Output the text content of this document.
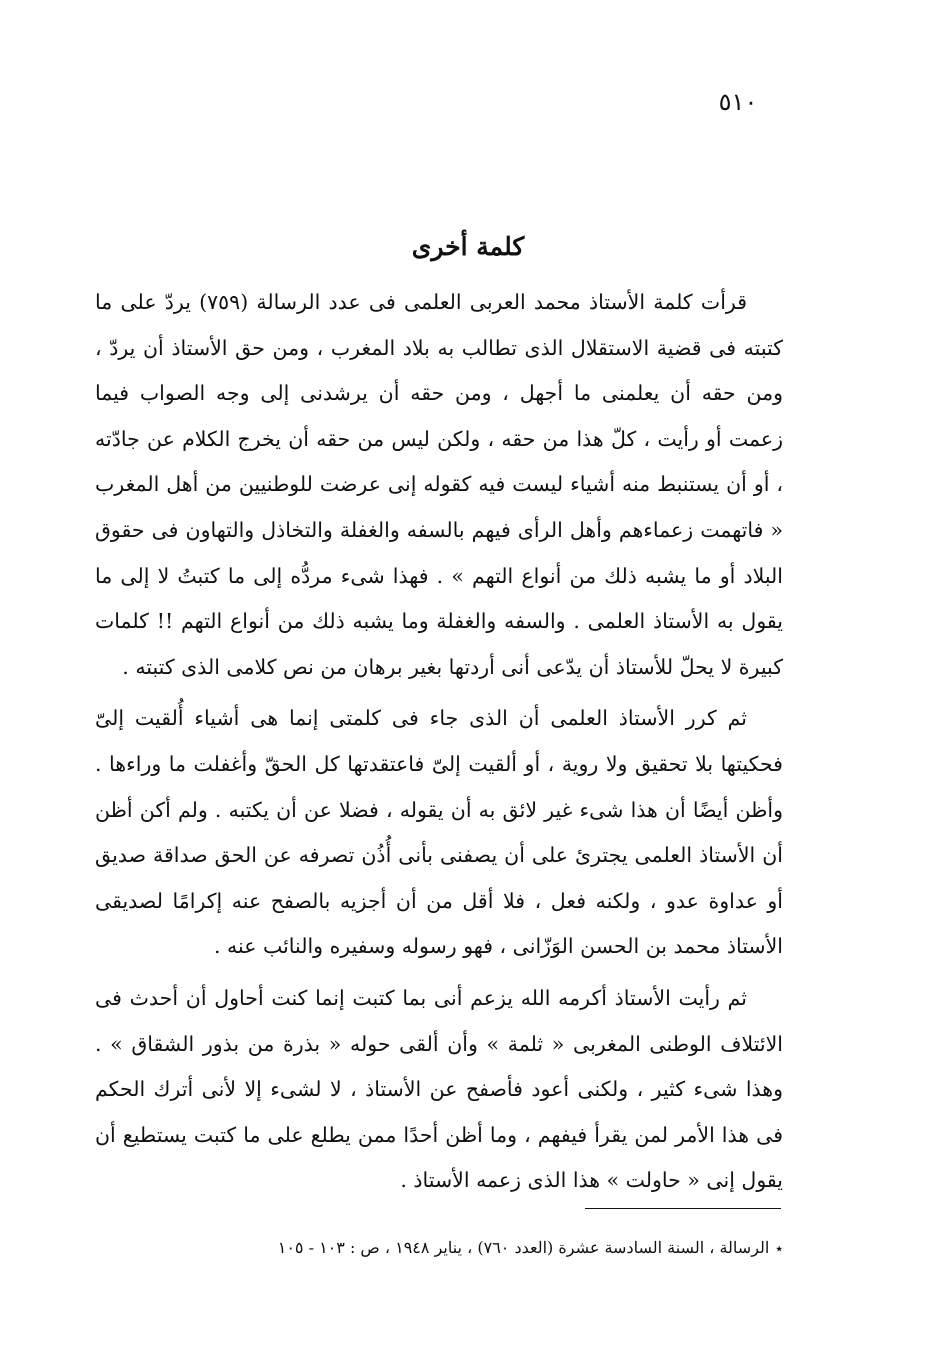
٥١٠
كلمة أخرى

قرأت كلمة الأستاذ محمد العربى العلمى فى عدد الرسالة (٧٥٩) يردّ على ما كتبته فى قضية الاستقلال الذى تطالب به بلاد المغرب ، ومن حق الأستاذ أن يردّ ، ومن حقه أن يعلمنى ما أجهل ، ومن حقه أن يرشدنى إلى وجه الصواب فيما زعمت أو رأيت ، كلّ هذا من حقه ، ولكن ليس من حقه أن يخرج الكلام عن جادّته ، أو أن يستنبط منه أشياء ليست فيه كقوله إنى عرضت للوطنيين من أهل المغرب « فاتهمت زعماءهم وأهل الرأى فيهم بالسفه والغفلة والتخاذل والتهاون فى حقوق البلاد أو ما يشبه ذلك من أنواع التهم » . فهذا شىء مردُّه إلى ما كتبتُ لا إلى ما يقول به الأستاذ العلمى . والسفه والغفلة وما يشبه ذلك من أنواع التهم !! كلمات كبيرة لا يحلّ للأستاذ أن يدّعى أنى أردتها بغير برهان من نص كلامى الذى كتبته .

ثم كرر الأستاذ العلمى أن الذى جاء فى كلمتى إنما هى أشياء أُلقيت إلىّ فحكيتها بلا تحقيق ولا روية ، أو ألقيت إلىّ فاعتقدتها كل الحقّ وأغفلت ما وراءها . وأظن أيضًا أن هذا شىء غير لائق به أن يقوله ، فضلا عن أن يكتبه . ولم أكن أظن أن الأستاذ العلمى يجترئ على أن يصفنى بأنى أُذُن تصرفه عن الحق صداقة صديق أو عداوة عدو ، ولكنه فعل ، فلا أقل من أن أجزيه بالصفح عنه إكرامًا لصديقى الأستاذ محمد بن الحسن الوَزّانى ، فهو رسوله وسفيره والنائب عنه .

ثم رأيت الأستاذ أكرمه الله يزعم أنى بما كتبت إنما كنت أحاول أن أحدث فى الائتلاف الوطنى المغربى « ثلمة » وأن ألقى حوله « بذرة من بذور الشقاق » . وهذا شىء كثير ، ولكنى أعود فأصفح عن الأستاذ ، لا لشىء إلا لأنى أترك الحكم فى هذا الأمر لمن يقرأ فيفهم ، وما أظن أحدًا ممن يطلع على ما كتبت يستطيع أن يقول إنى « حاولت » هذا الذى زعمه الأستاذ .

٭الرسالة ، السنة السادسة عشرة (العدد ٧٦٠) ، يناير ١٩٤٨ ، ص : ١٠٣ - ١٠٥
